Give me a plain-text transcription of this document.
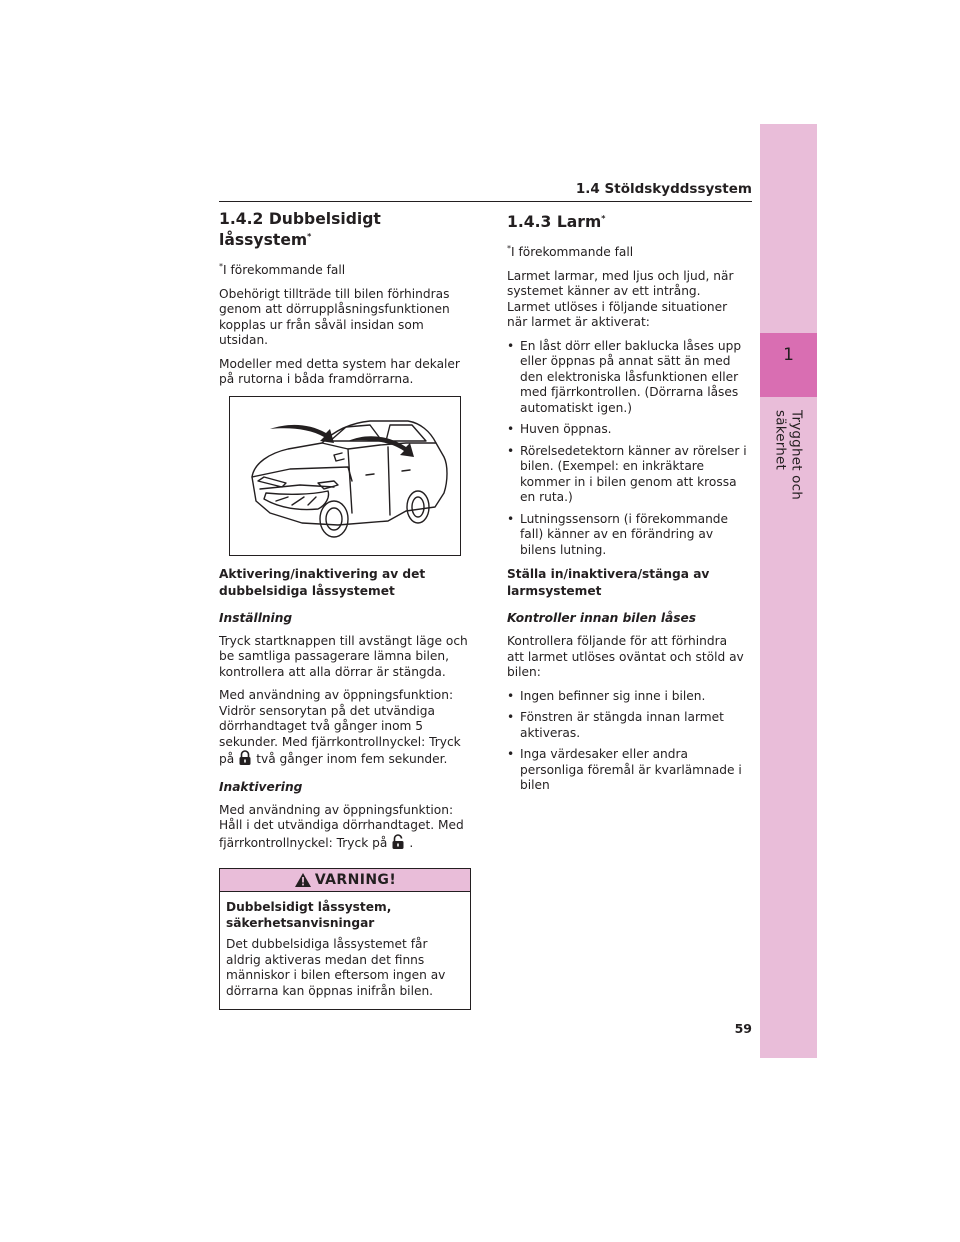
1
Trygghet och säkerhet
1.4 Stöldskyddssystem
1.4.2 Dubbelsidigt låssystem*

*I förekommande fall

Obehörigt tillträde till bilen förhindras genom att dörrupplåsningsfunktionen kopplas ur från såväl insidan som utsidan.

Modeller med detta system har dekaler på rutorna i båda framdörrarna.

Aktivering/inaktivering av det dubbelsidiga låssystemet
Inställning

Tryck startknappen till avstängt läge och be samtliga passagerare lämna bilen, kontrollera att alla dörrar är stängda.

Med användning av öppningsfunktion: Vidrör sensorytan på det utvändiga dörrhandtaget två gånger inom 5 sekunder. Med fjärrkontrollnyckel: Tryck på två gånger inom fem sekunder.

Inaktivering

Med användning av öppningsfunktion: Håll i det utvändiga dörrhandtaget. Med fjärrkontrollnyckel: Tryck på .

VARNING!

Dubbelsidigt låssystem, säkerhetsanvisningar

Det dubbelsidiga låssystemet får aldrig aktiveras medan det finns människor i bilen eftersom ingen av dörrarna kan öppnas inifrån bilen.

1.4.3 Larm*

*I förekommande fall

Larmet larmar, med ljus och ljud, när systemet känner av ett intrång. Larmet utlöses i följande situationer när larmet är aktiverat:

• En låst dörr eller baklucka låses upp eller öppnas på annat sätt än med den elektroniska låsfunktionen eller med fjärrkontrollen. (Dörrarna låses automatiskt igen.)
• Huven öppnas.
• Rörelsedetektorn känner av rörelser i bilen. (Exempel: en inkräktare kommer in i bilen genom att krossa en ruta.)
• Lutningssensorn (i förekommande fall) känner av en förändring av bilens lutning.
Ställa in/inaktivera/stänga av larmsystemet
Kontroller innan bilen låses

Kontrollera följande för att förhindra att larmet utlöses oväntat och stöld av bilen:

• Ingen befinner sig inne i bilen.
• Fönstren är stängda innan larmet aktiveras.
• Inga värdesaker eller andra personliga föremål är kvarlämnade i bilen
59
